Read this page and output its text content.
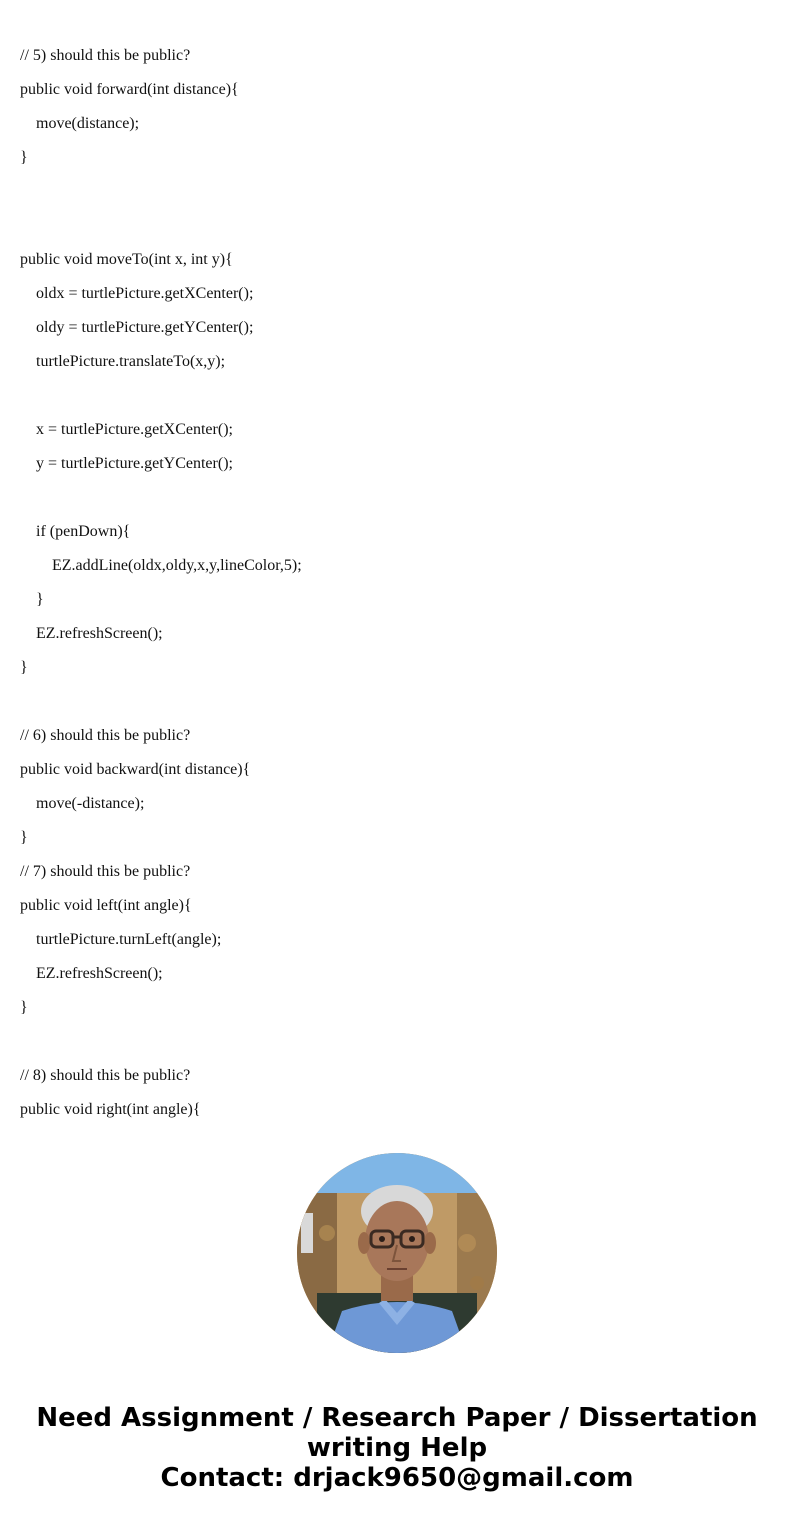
// 5) should this be public?
public void forward(int distance){
move(distance);
}
public void moveTo(int x, int y){
oldx = turtlePicture.getXCenter();
oldy = turtlePicture.getYCenter();
turtlePicture.translateTo(x,y);
x = turtlePicture.getXCenter();
y = turtlePicture.getYCenter();
if (penDown){
EZ.addLine(oldx,oldy,x,y,lineColor,5);
}
EZ.refreshScreen();
}
// 6) should this be public?
public void backward(int distance){
move(-distance);
}
// 7) should this be public?
public void left(int angle){
turtlePicture.turnLeft(angle);
EZ.refreshScreen();
}
// 8) should this be public?
public void right(int angle){
Need Assignment / Research Paper / Dissertation
writing Help
Contact: drjack9650@gmail.com
